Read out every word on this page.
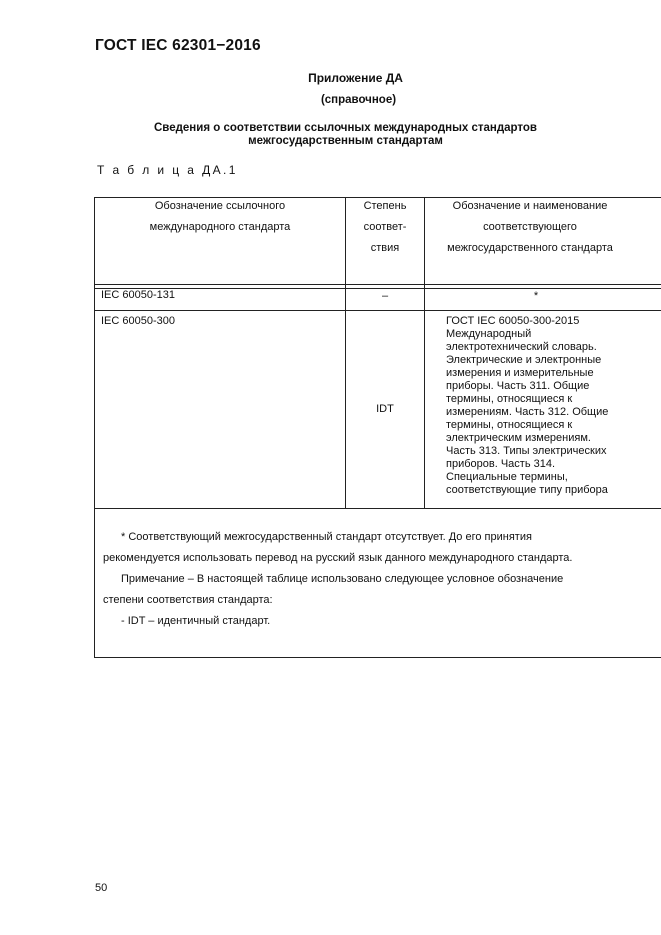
ГОСТ IEC 62301−2016
Приложение ДА
(справочное)
Сведения о соответствии ссылочных международных стандартов
межгосударственным стандартам
Т а б л и ц а ДА.1
Обозначение ссылочного
международного стандарта
Степень
соответ-
ствия
Обозначение и наименование
соответствующего
межгосударственного стандарта
IEC 60050-131	–	*
IEC 60050-300
IDT
ГОСТ IEC 60050-300-2015
Международный
электротехнический словарь.
Электрические и электронные
измерения и измерительные
приборы. Часть 311. Общие
термины, относящиеся к
измерениям. Часть 312. Общие
термины, относящиеся к
электрическим измерениям.
Часть 313. Типы электрических
приборов. Часть 314.
Специальные термины,
соответствующие типу прибора

* Соответствующий межгосударственный стандарт отсутствует. До его принятия

рекомендуется использовать перевод на русский язык данного международного стандарта.

Примечание – В настоящей таблице использовано следующее условное обозначение

степени соответствия стандарта:

- IDT – идентичный стандарт.

50
